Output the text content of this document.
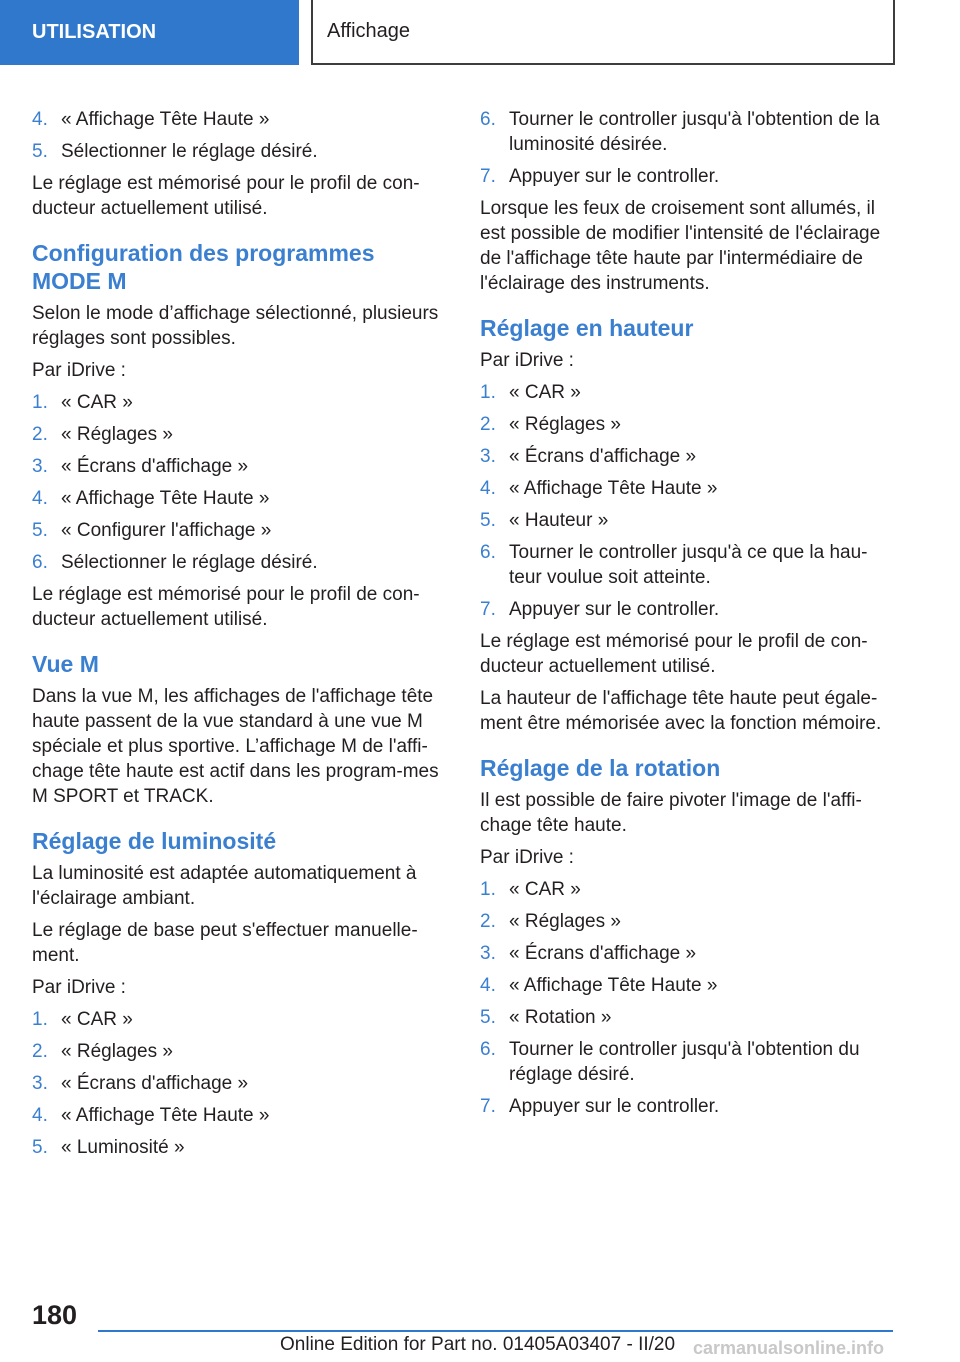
UTILISATION	Affichage
4. « Affichage Tête Haute »
5. Sélectionner le réglage désiré.

Le réglage est mémorisé pour le profil de con-ducteur actuellement utilisé.

Configuration des programmes MODE M

Selon le mode d’affichage sélectionné, plusieurs réglages sont possibles.

Par iDrive :

1. « CAR »
2. « Réglages »
3. « Écrans d'affichage »
4. « Affichage Tête Haute »
5. « Configurer l'affichage »
6. Sélectionner le réglage désiré.

Le réglage est mémorisé pour le profil de con-ducteur actuellement utilisé.

Vue M

Dans la vue M, les affichages de l'affichage tête haute passent de la vue standard à une vue M spéciale et plus sportive. L’affichage M de l'affi-chage tête haute est actif dans les program-mes M SPORT et TRACK.

Réglage de luminosité

La luminosité est adaptée automatiquement à l'éclairage ambiant.

Le réglage de base peut s'effectuer manuelle-ment.

Par iDrive :

1. « CAR »
2. « Réglages »
3. « Écrans d'affichage »
4. « Affichage Tête Haute »
5. « Luminosité »
6. Tourner le controller jusqu'à l'obtention de la luminosité désirée.
7. Appuyer sur le controller.

Lorsque les feux de croisement sont allumés, il est possible de modifier l'intensité de l'éclairage de l'affichage tête haute par l'intermédiaire de l'éclairage des instruments.

Réglage en hauteur

Par iDrive :

1. « CAR »
2. « Réglages »
3. « Écrans d'affichage »
4. « Affichage Tête Haute »
5. « Hauteur »
6. Tourner le controller jusqu'à ce que la hau-teur voulue soit atteinte.
7. Appuyer sur le controller.

Le réglage est mémorisé pour le profil de con-ducteur actuellement utilisé.

La hauteur de l'affichage tête haute peut égale-ment être mémorisée avec la fonction mémoire.

Réglage de la rotation

Il est possible de faire pivoter l'image de l'affi-chage tête haute.

Par iDrive :

1. « CAR »
2. « Réglages »
3. « Écrans d'affichage »
4. « Affichage Tête Haute »
5. « Rotation »
6. Tourner le controller jusqu'à l'obtention du réglage désiré.
7. Appuyer sur le controller.
180
Online Edition for Part no. 01405A03407 - II/20 carmanualsonline.info
